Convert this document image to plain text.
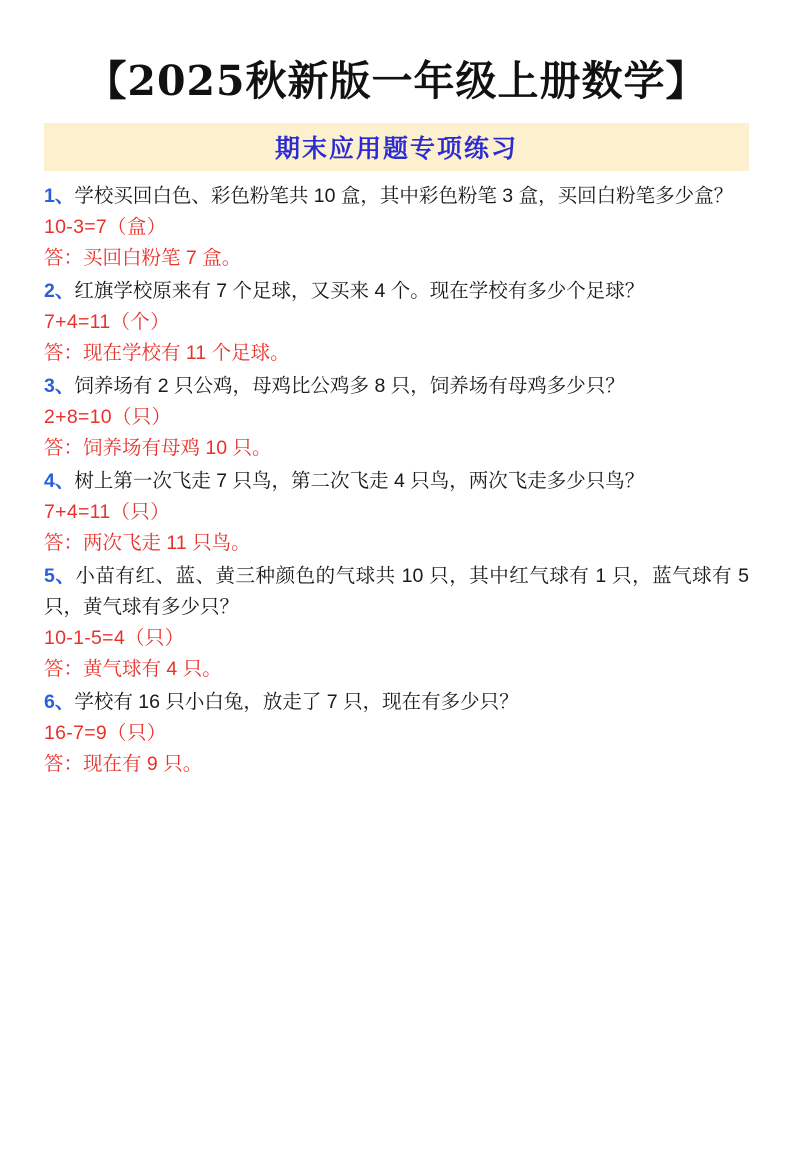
【2025秋新版一年级上册数学】
期末应用题专项练习
1、学校买回白色、彩色粉笔共 10 盒，其中彩色粉笔 3 盒，买回白粉笔多少盒？
10-3=7（盒）
答：买回白粉笔 7 盒。
2、红旗学校原来有 7 个足球，又买来 4 个。现在学校有多少个足球？
7+4=11（个）
答：现在学校有 11 个足球。
3、饲养场有 2 只公鸡，母鸡比公鸡多 8 只，饲养场有母鸡多少只？
2+8=10（只）
答：饲养场有母鸡 10 只。
4、树上第一次飞走 7 只鸟，第二次飞走 4 只鸟，两次飞走多少只鸟？
7+4=11（只）
答：两次飞走 11 只鸟。
5、小苗有红、蓝、黄三种颜色的气球共 10 只，其中红气球有 1 只，蓝气球有 5 只，黄气球有多少只？
10-1-5=4（只）
答：黄气球有 4 只。
6、学校有 16 只小白兔，放走了 7 只，现在有多少只？
16-7=9（只）
答：现在有 9 只。
